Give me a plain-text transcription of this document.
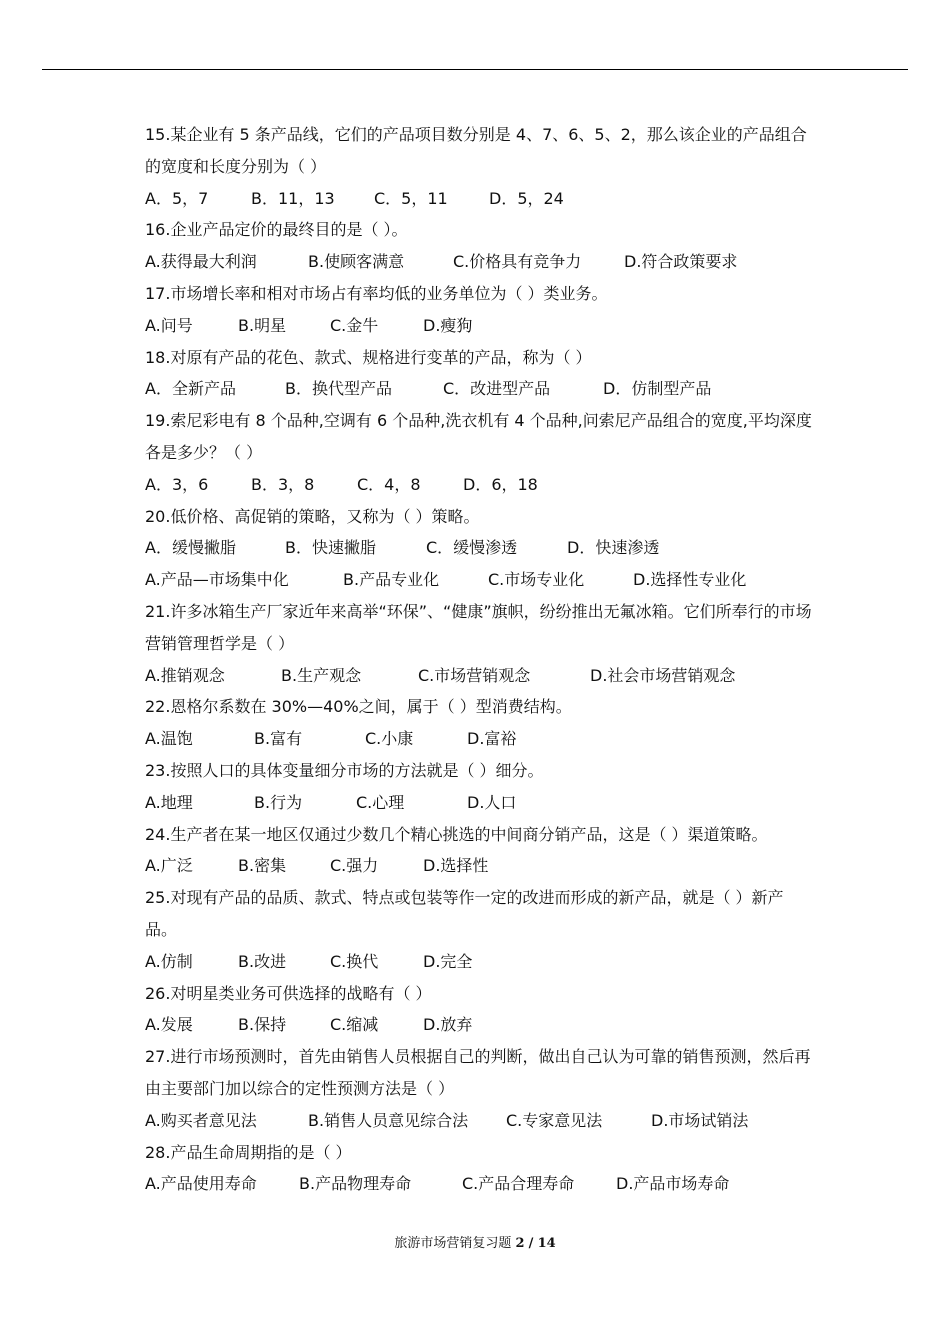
15.某企业有 5 条产品线，它们的产品项目数分别是 4、7、6、5、2，那么该企业的产品组合的宽度和长度分别为（ ）

A．5，7	B．11，13 C．5，11	D．5，24

16.企业产品定价的最终目的是（ ）。

A.获得最大利润	B.使顾客满意	C.价格具有竞争力	D.符合政策要求

17.市场增长率和相对市场占有率均低的业务单位为（ ）类业务。

A.问号	B.明星	C.金牛	D.瘦狗

18.对原有产品的花色、款式、规格进行变革的产品，称为（ ）

A．全新产品	B．换代型产品	C．改进型产品	D．仿制型产品

19.索尼彩电有 8 个品种,空调有 6 个品种,洗衣机有 4 个品种,问索尼产品组合的宽度,平均深度各是多少？（ ）

A．3，6	B．3，8	C．4，8	D．6，18

20.低价格、高促销的策略，又称为（ ）策略。

A．缓慢撇脂	B．快速撇脂	C．缓慢渗透	D．快速渗透
A.产品—市场集中化	B.产品专业化	C.市场专业化	D.选择性专业化

21.许多冰箱生产厂家近年来高举“环保”、“健康”旗帜，纷纷推出无氟冰箱。它们所奉行的市场营销管理哲学是（ ）

A.推销观念	B.生产观念	C.市场营销观念	D.社会市场营销观念

22.恩格尔系数在 30%—40%之间，属于（ ）型消费结构。

A.温饱	B.富有	C.小康	D.富裕

23.按照人口的具体变量细分市场的方法就是（ ）细分。

A.地理	B.行为	C.心理	D.人口

24.生产者在某一地区仅通过少数几个精心挑选的中间商分销产品，这是（ ）渠道策略。

A.广泛	B.密集	C.强力	D.选择性

25.对现有产品的品质、款式、特点或包装等作一定的改进而形成的新产品，就是（ ）新产品。

A.仿制	B.改进	C.换代	D.完全

26.对明星类业务可供选择的战略有（ ）

A.发展	B.保持	C.缩减	D.放弃

27.进行市场预测时，首先由销售人员根据自己的判断，做出自己认为可靠的销售预测，然后再由主要部门加以综合的定性预测方法是（ ）

A.购买者意见法	B.销售人员意见综合法 C.专家意见法	D.市场试销法

28.产品生命周期指的是（ ）

A.产品使用寿命	B.产品物理寿命	C.产品合理寿命	D.产品市场寿命
旅游市场营销复习题 2 / 14
